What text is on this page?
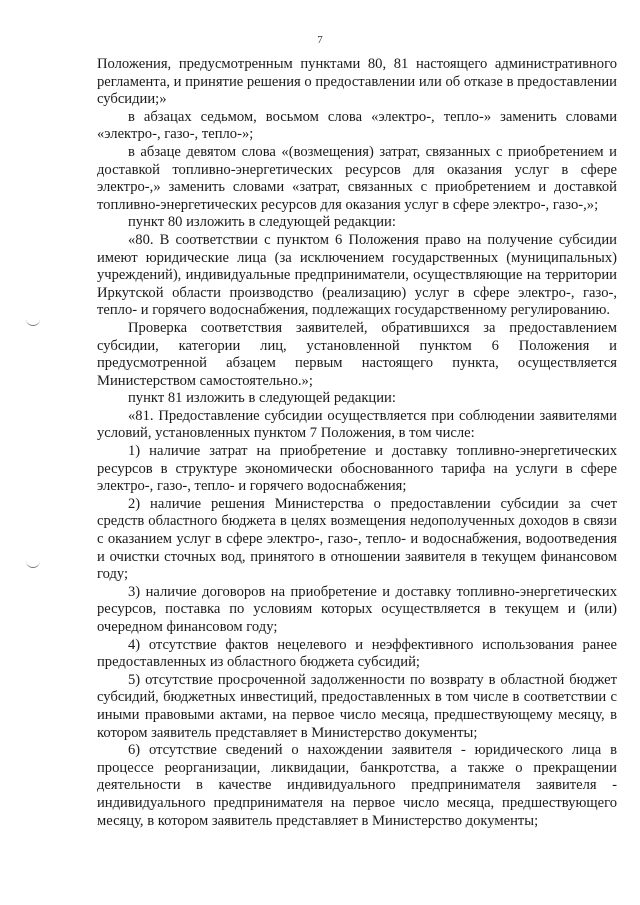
7

Положения, предусмотренным пунктами 80, 81 настоящего административного регламента, и принятие решения о предоставлении или об отказе в предоставлении субсидии;»

в абзацах седьмом, восьмом слова «электро-, тепло-» заменить словами «электро-, газо-, тепло-»;

в абзаце девятом слова «(возмещения) затрат, связанных с приобретением и доставкой топливно-энергетических ресурсов для оказания услуг в сфере электро-,» заменить словами «затрат, связанных с приобретением и доставкой топливно-энергетических ресурсов для оказания услуг в сфере электро-, газо-,»;

пункт 80 изложить в следующей редакции:

«80. В соответствии с пунктом 6 Положения право на получение субсидии имеют юридические лица (за исключением государственных (муниципальных) учреждений), индивидуальные предприниматели, осуществляющие на территории Иркутской области производство (реализацию) услуг в сфере электро-, газо-, тепло- и горячего водоснабжения, подлежащих государственному регулированию.

Проверка соответствия заявителей, обратившихся за предоставлением субсидии, категории лиц, установленной пунктом 6 Положения и предусмотренной абзацем первым настоящего пункта, осуществляется Министерством самостоятельно.»;

пункт 81 изложить в следующей редакции:

«81. Предоставление субсидии осуществляется при соблюдении заявителями условий, установленных пунктом 7 Положения, в том числе:

1) наличие затрат на приобретение и доставку топливно-энергетических ресурсов в структуре экономически обоснованного тарифа на услуги в сфере электро-, газо-, тепло- и горячего водоснабжения;

2) наличие решения Министерства о предоставлении субсидии за счет средств областного бюджета в целях возмещения недополученных доходов в связи с оказанием услуг в сфере электро-, газо-, тепло- и водоснабжения, водоотведения и очистки сточных вод, принятого в отношении заявителя в текущем финансовом году;

3) наличие договоров на приобретение и доставку топливно-энергетических ресурсов, поставка по условиям которых осуществляется в текущем и (или) очередном финансовом году;

4) отсутствие фактов нецелевого и неэффективного использования ранее предоставленных из областного бюджета субсидий;

5) отсутствие просроченной задолженности по возврату в областной бюджет субсидий, бюджетных инвестиций, предоставленных в том числе в соответствии с иными правовыми актами, на первое число месяца, предшествующему месяцу, в котором заявитель представляет в Министерство документы;

6) отсутствие сведений о нахождении заявителя - юридического лица в процессе реорганизации, ликвидации, банкротства, а также о прекращении деятельности в качестве индивидуального предпринимателя заявителя - индивидуального предпринимателя на первое число месяца, предшествующего месяцу, в котором заявитель представляет в Министерство документы;
